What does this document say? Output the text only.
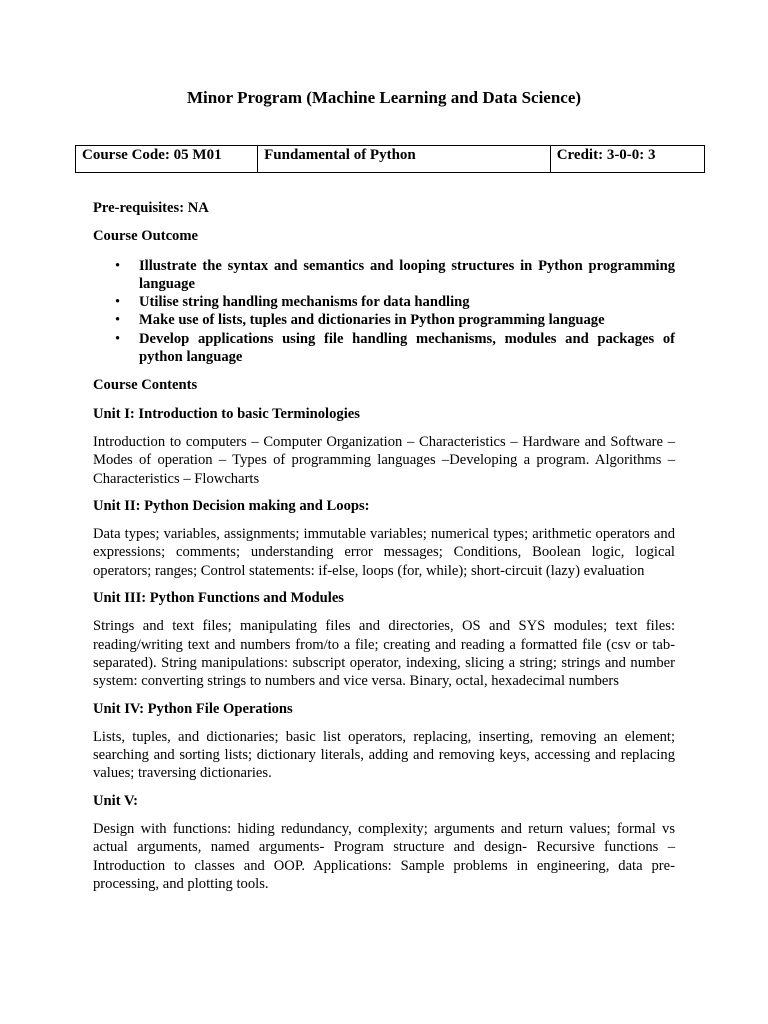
Minor Program (Machine Learning and Data Science)
Course Code: 05 M01	Fundamental of Python	Credit: 3-0-0: 3

Pre-requisites: NA

Course Outcome

• Illustrate the syntax and semantics and looping structures in Python programming language
• Utilise string handling mechanisms for data handling
• Make use of lists, tuples and dictionaries in Python programming language
• Develop applications using file handling mechanisms, modules and packages of python language

Course Contents

Unit I: Introduction to basic Terminologies

Introduction to computers – Computer Organization – Characteristics – Hardware and Software – Modes of operation – Types of programming languages –Developing a program. Algorithms – Characteristics – Flowcharts

Unit II: Python Decision making and Loops:

Data types; variables, assignments; immutable variables; numerical types; arithmetic operators and expressions; comments; understanding error messages; Conditions, Boolean logic, logical operators; ranges; Control statements: if-else, loops (for, while); short-circuit (lazy) evaluation

Unit III: Python Functions and Modules

Strings and text files; manipulating files and directories, OS and SYS modules; text files: reading/writing text and numbers from/to a file; creating and reading a formatted file (csv or tab-separated). String manipulations: subscript operator, indexing, slicing a string; strings and number system: converting strings to numbers and vice versa. Binary, octal, hexadecimal numbers

Unit IV: Python File Operations

Lists, tuples, and dictionaries; basic list operators, replacing, inserting, removing an element; searching and sorting lists; dictionary literals, adding and removing keys, accessing and replacing values; traversing dictionaries.

Unit V:

Design with functions: hiding redundancy, complexity; arguments and return values; formal vs actual arguments, named arguments- Program structure and design- Recursive functions – Introduction to classes and OOP. Applications: Sample problems in engineering, data pre-processing, and plotting tools.
